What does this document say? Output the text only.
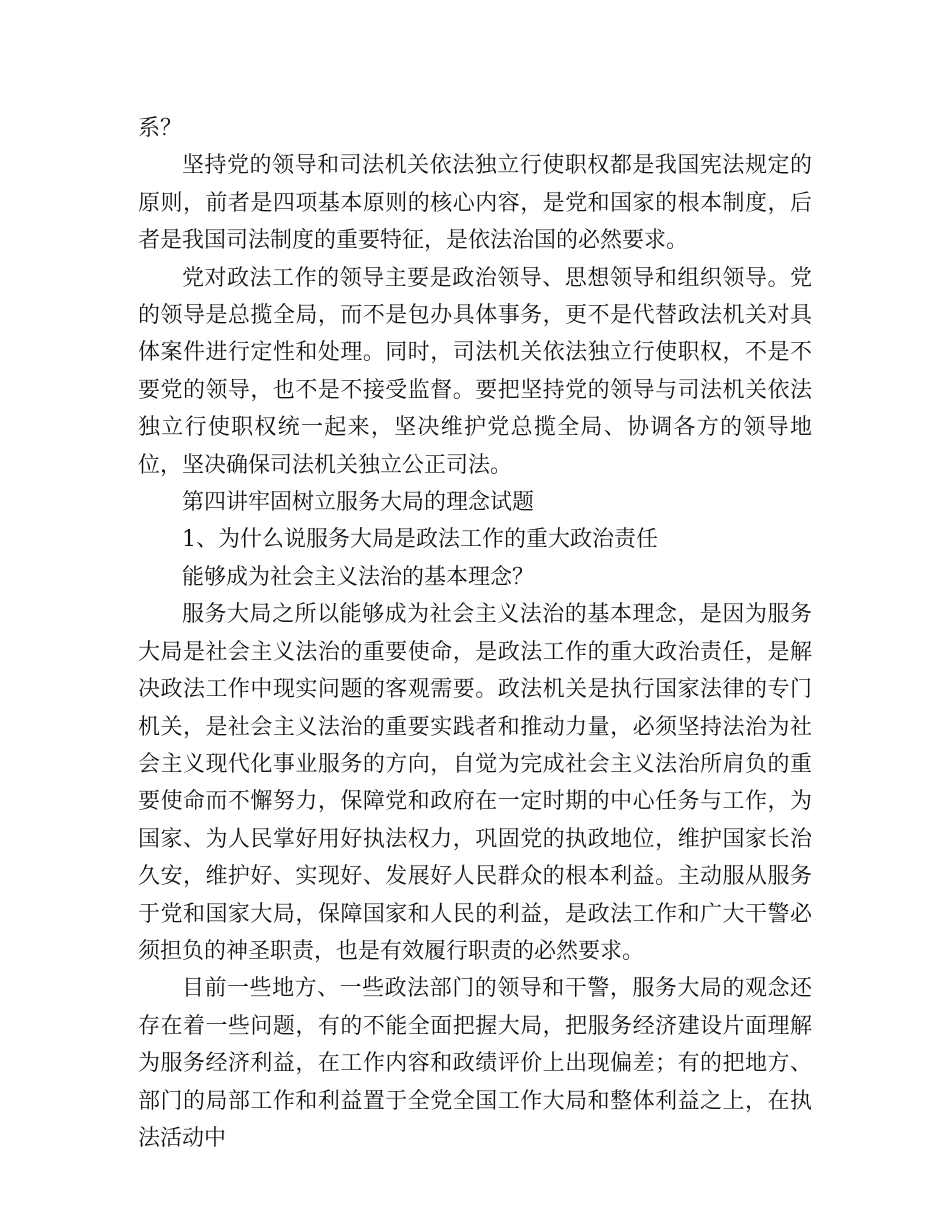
系？

坚持党的领导和司法机关依法独立行使职权都是我国宪法规定的原则，前者是四项基本原则的核心内容，是党和国家的根本制度，后者是我国司法制度的重要特征，是依法治国的必然要求。

党对政法工作的领导主要是政治领导、思想领导和组织领导。党的领导是总揽全局，而不是包办具体事务，更不是代替政法机关对具体案件进行定性和处理。同时，司法机关依法独立行使职权，不是不要党的领导，也不是不接受监督。要把坚持党的领导与司法机关依法独立行使职权统一起来，坚决维护党总揽全局、协调各方的领导地位，坚决确保司法机关独立公正司法。

第四讲牢固树立服务大局的理念试题

1、为什么说服务大局是政法工作的重大政治责任

能够成为社会主义法治的基本理念？

服务大局之所以能够成为社会主义法治的基本理念，是因为服务大局是社会主义法治的重要使命，是政法工作的重大政治责任，是解决政法工作中现实问题的客观需要。政法机关是执行国家法律的专门机关，是社会主义法治的重要实践者和推动力量，必须坚持法治为社会主义现代化事业服务的方向，自觉为完成社会主义法治所肩负的重要使命而不懈努力，保障党和政府在一定时期的中心任务与工作，为国家、为人民掌好用好执法权力，巩固党的执政地位，维护国家长治久安，维护好、实现好、发展好人民群众的根本利益。主动服从服务于党和国家大局，保障国家和人民的利益，是政法工作和广大干警必须担负的神圣职责，也是有效履行职责的必然要求。

目前一些地方、一些政法部门的领导和干警，服务大局的观念还存在着一些问题，有的不能全面把握大局，把服务经济建设片面理解为服务经济利益，在工作内容和政绩评价上出现偏差；有的把地方、部门的局部工作和利益置于全党全国工作大局和整体利益之上，在执法活动中
